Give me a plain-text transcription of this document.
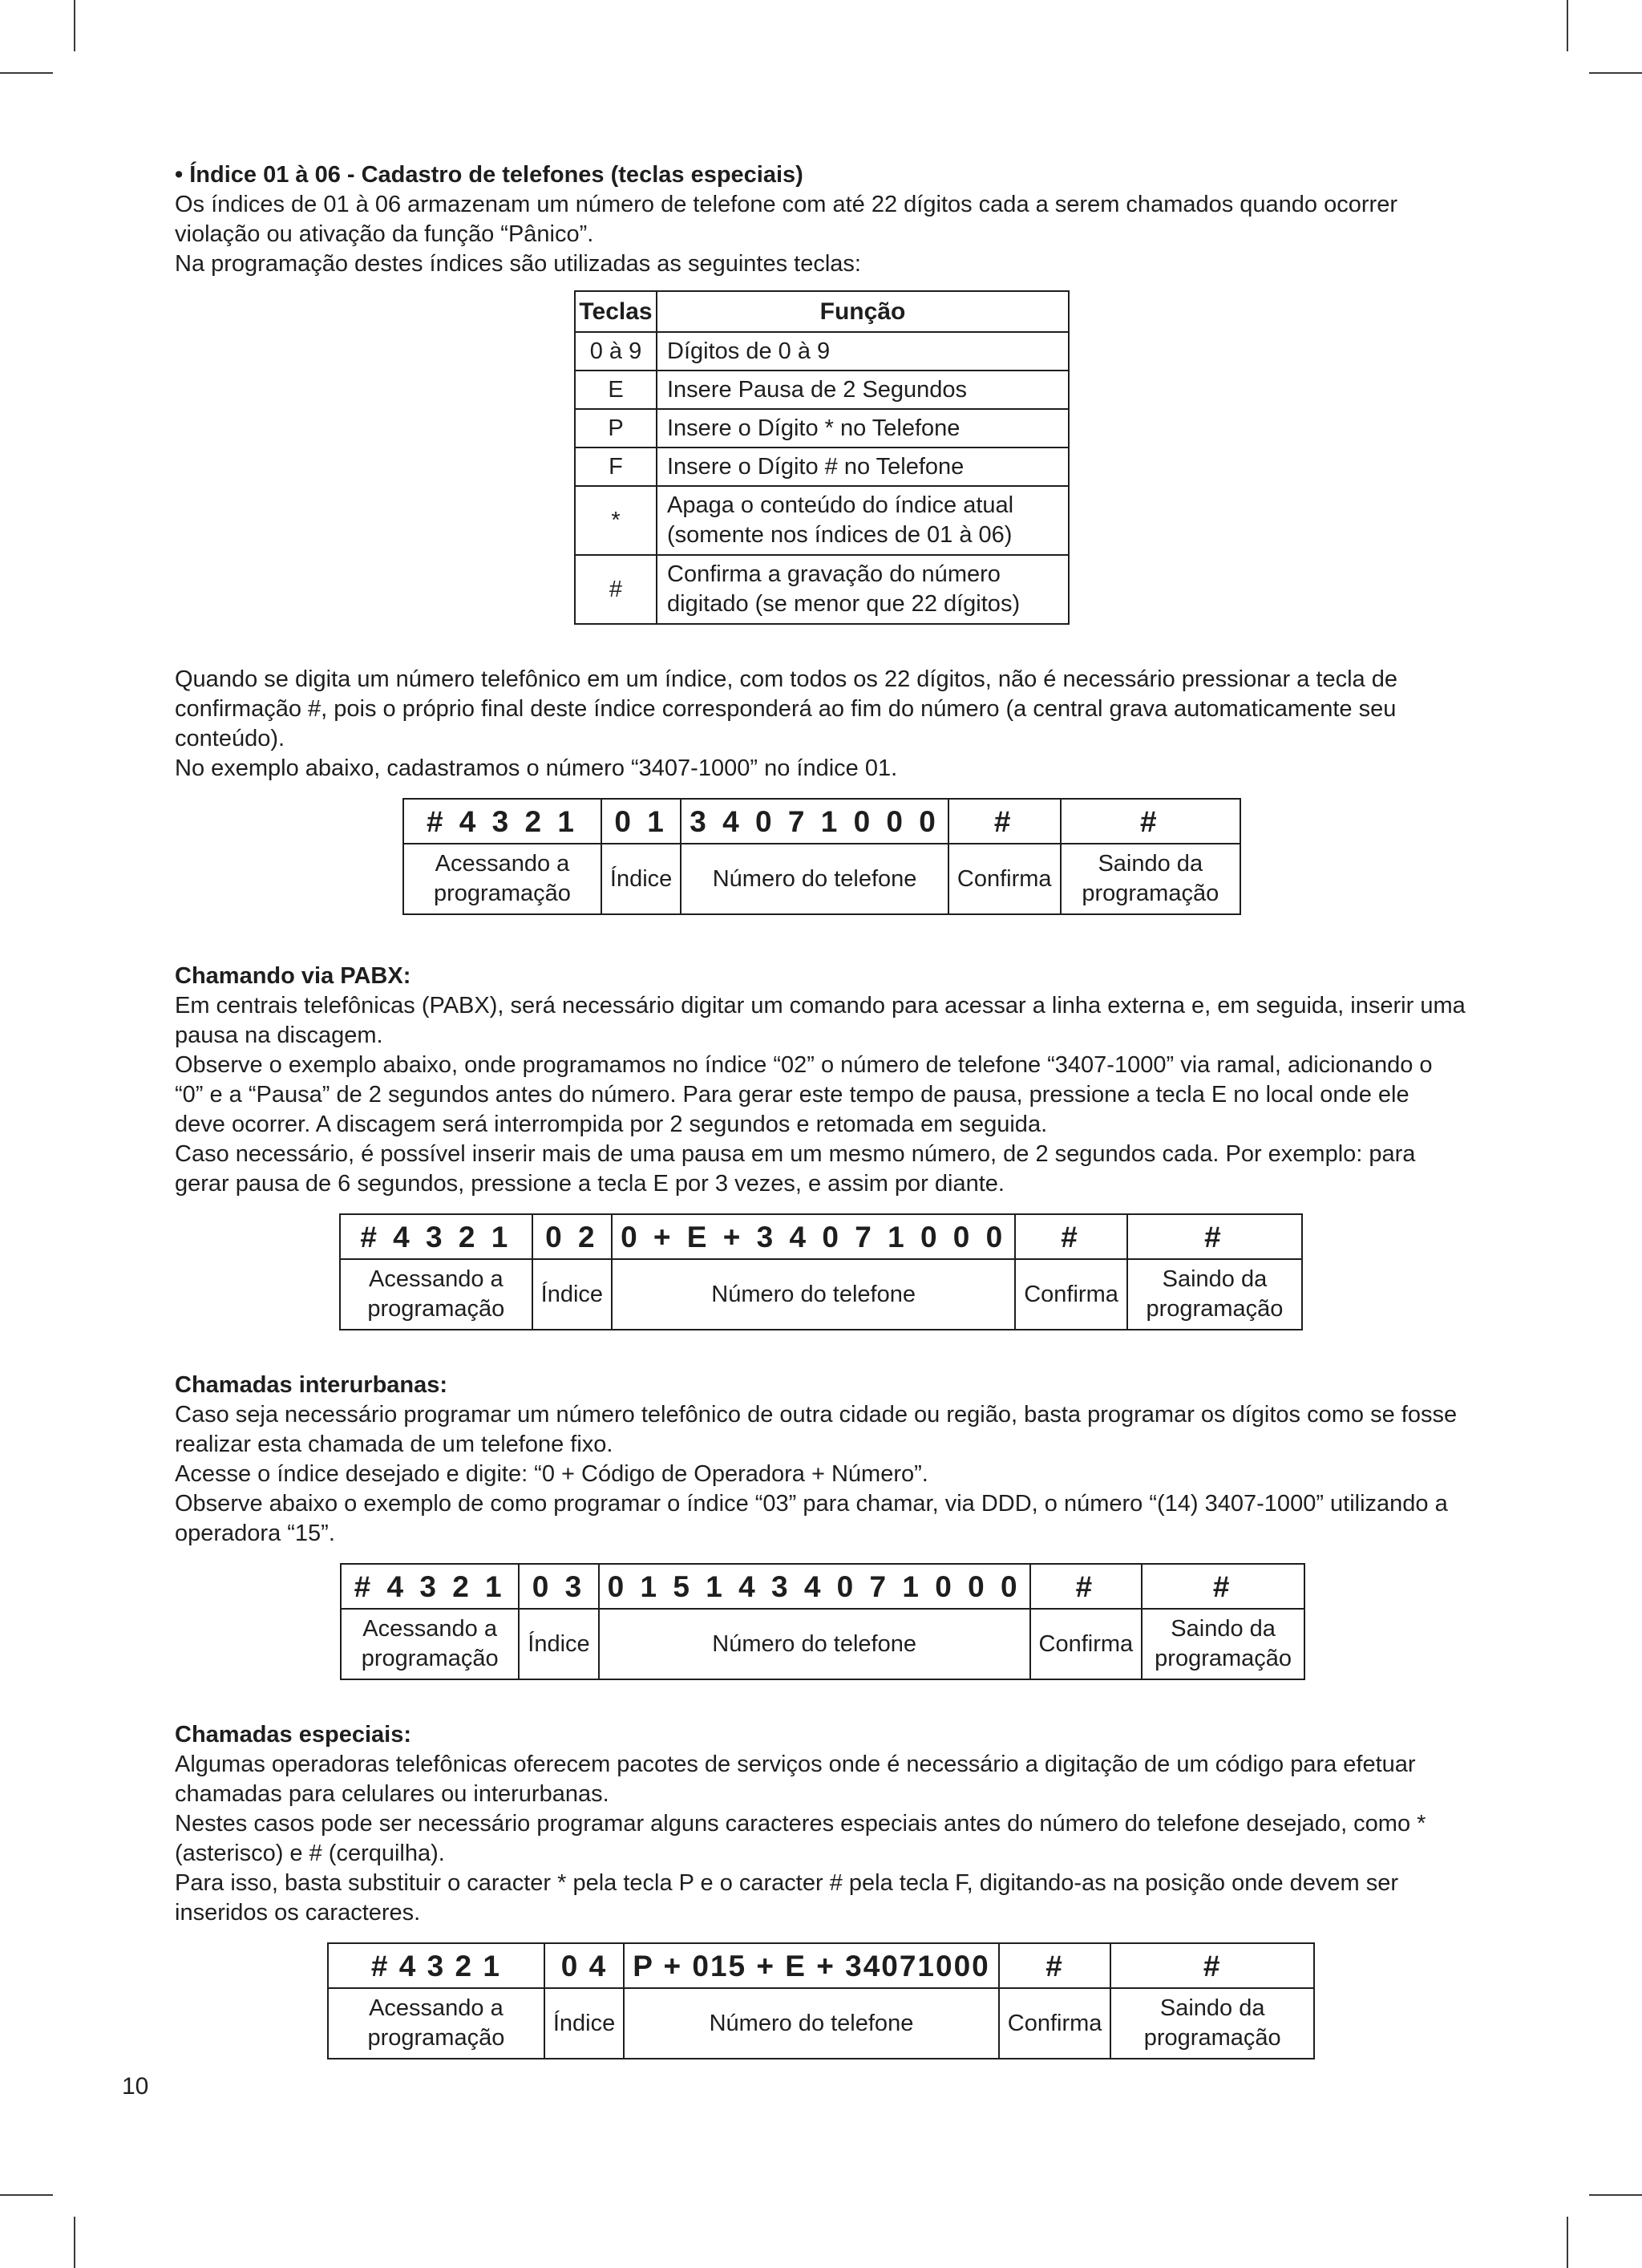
• Índice 01 à 06 - Cadastro de telefones (teclas especiais)

Os índices de 01 à 06 armazenam um número de telefone com até 22 dígitos cada a serem chamados quando ocorrer violação ou ativação da função “Pânico”.

Na programação destes índices são utilizadas as seguintes teclas:

Teclas	Função
0 à 9	Dígitos de 0 à 9
E	Insere Pausa de 2 Segundos
P	Insere o Dígito * no Telefone
F	Insere o Dígito # no Telefone
*	Apaga o conteúdo do índice atual (somente nos índices de 01 à 06)
#	Confirma a gravação do número digitado (se menor que 22 dígitos)

Quando se digita um número telefônico em um índice, com todos os 22 dígitos, não é necessário pressionar a tecla de confirmação #, pois o próprio final deste índice corresponderá ao fim do número (a central grava automaticamente seu conteúdo).

No exemplo abaixo, cadastramos o número “3407-1000” no índice 01.

# 4 3 2 1	0 1	3 4 0 7 1 0 0 0	#	#
Acessando a programação	Índice	Número do telefone	Confirma	Saindo da programação

Chamando via PABX:

Em centrais telefônicas (PABX), será necessário digitar um comando para acessar a linha externa e, em seguida, inserir uma pausa na discagem.

Observe o exemplo abaixo, onde programamos no índice “02” o número de telefone “3407-1000” via ramal, adicionando o “0” e a “Pausa” de 2 segundos antes do número. Para gerar este tempo de pausa, pressione a tecla E no local onde ele deve ocorrer. A discagem será interrompida por 2 segundos e retomada em seguida.

Caso necessário, é possível inserir mais de uma pausa em um mesmo número, de 2 segundos cada. Por exemplo: para gerar pausa de 6 segundos, pressione a tecla E por 3 vezes, e assim por diante.

# 4 3 2 1	0 2	0 + E + 3 4 0 7 1 0 0 0	#	#
Acessando a programação	Índice	Número do telefone	Confirma	Saindo da programação

Chamadas interurbanas:

Caso seja necessário programar um número telefônico de outra cidade ou região, basta programar os dígitos como se fosse realizar esta chamada de um telefone fixo.

Acesse o índice desejado e digite: “0 + Código de Operadora + Número”.

Observe abaixo o exemplo de como programar o índice “03” para chamar, via DDD, o número “(14) 3407-1000” utilizando a operadora “15”.

# 4 3 2 1	0 3	0 1 5 1 4 3 4 0 7 1 0 0 0	#	#
Acessando a programação	Índice	Número do telefone	Confirma	Saindo da programação

Chamadas especiais:

Algumas operadoras telefônicas oferecem pacotes de serviços onde é necessário a digitação de um código para efetuar chamadas para celulares ou interurbanas.

Nestes casos pode ser necessário programar alguns caracteres especiais antes do número do telefone desejado, como * (asterisco) e # (cerquilha).

Para isso, basta substituir o caracter * pela tecla P e o caracter # pela tecla F, digitando-as na posição onde devem ser inseridos os caracteres.

# 4 3 2 1	0 4	P + 015 + E + 34071000	#	#
Acessando a programação	Índice	Número do telefone	Confirma	Saindo da programação
10
